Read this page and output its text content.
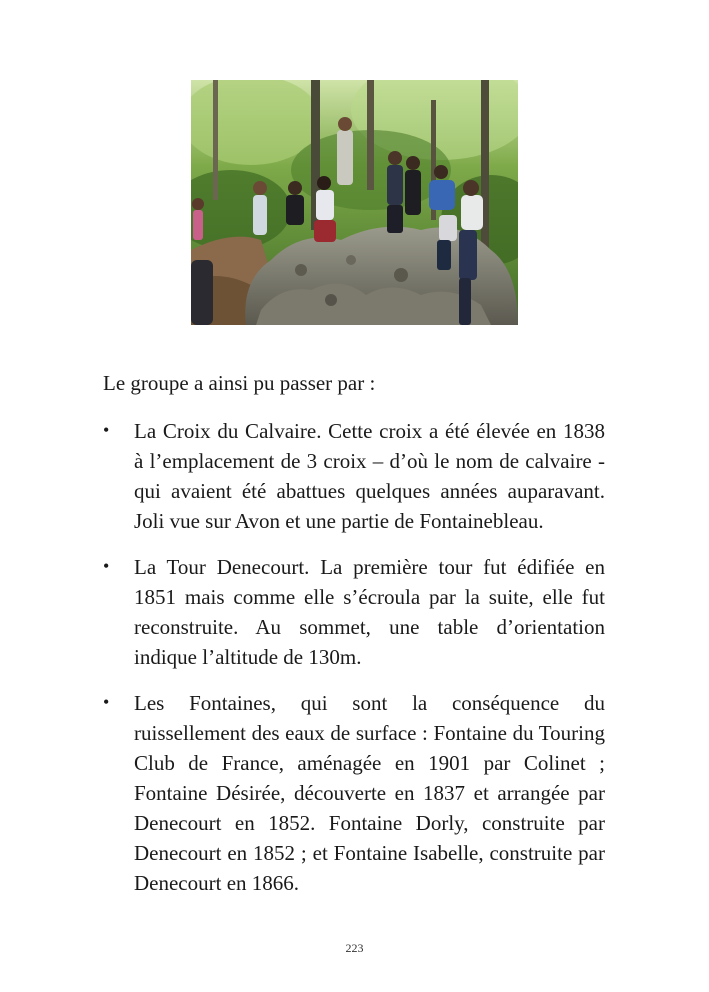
Le groupe a ainsi pu passer par :

• La Croix du Calvaire. Cette croix a été élevée en 1838 à l’emplacement de 3 croix – d’où le nom de calvaire - qui avaient été abattues quelques années auparavant. Joli vue sur Avon et une partie de Fontainebleau.
• La Tour Denecourt. La première tour fut édifiée en 1851 mais comme elle s’écroula par la suite, elle fut reconstruite. Au sommet, une table d’orientation indique l’altitude de 130m.
• Les Fontaines, qui sont la conséquence du ruissellement des eaux de surface : Fontaine du Touring Club de France, aménagée en 1901 par Colinet ; Fontaine Désirée, découverte en 1837 et arrangée par Denecourt en 1852. Fontaine Dorly, construite par Denecourt en 1852 ; et Fontaine Isabelle, construite par Denecourt en 1866.
223
